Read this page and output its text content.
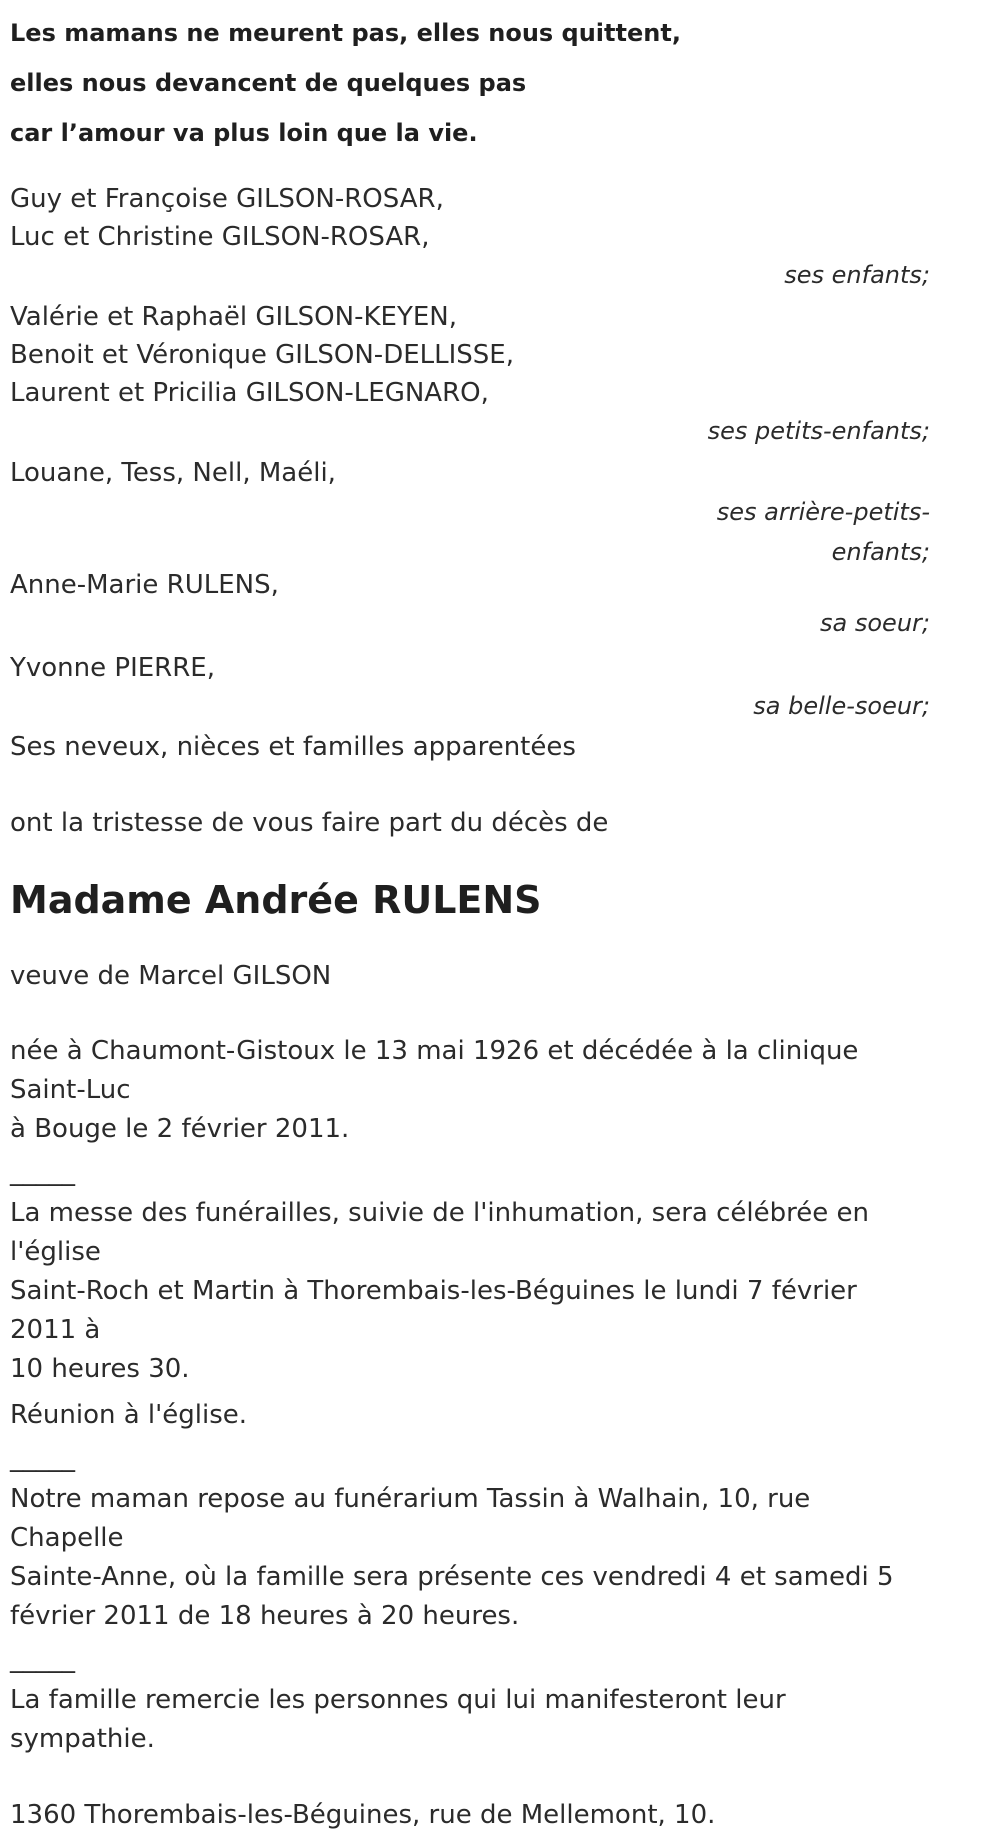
Les mamans ne meurent pas, elles nous quittent,
elles nous devancent de quelques pas
car l’amour va plus loin que la vie.
Guy et Françoise GILSON-ROSAR,
Luc et Christine GILSON-ROSAR,
ses enfants;
Valérie et Raphaël GILSON-KEYEN,
Benoit et Véronique GILSON-DELLISSE,
Laurent et Pricilia GILSON-LEGNARO,
ses petits-enfants;
Louane, Tess, Nell, Maéli,
ses arrière-petits-
enfants;
Anne-Marie RULENS,
sa soeur;
Yvonne PIERRE,
sa belle-soeur;
Ses neveux, nièces et familles apparentées
ont la tristesse de vous faire part du décès de
Madame Andrée RULENS
veuve de Marcel GILSON
née à Chaumont-Gistoux le 13 mai 1926 et décédée à la clinique Saint-Luc
à Bouge le 2 février 2011.
_____
La messe des funérailles, suivie de l'inhumation, sera célébrée en l'église
Saint-Roch et Martin à Thorembais-les-Béguines le lundi 7 février 2011 à
10 heures 30.
Réunion à l'église.
_____
Notre maman repose au funérarium Tassin à Walhain, 10, rue Chapelle
Sainte-Anne, où la famille sera présente ces vendredi 4 et samedi 5
février 2011 de 18 heures à 20 heures.
_____
La famille remercie les personnes qui lui manifesteront leur sympathie.
1360 Thorembais-les-Béguines, rue de Mellemont, 10.
